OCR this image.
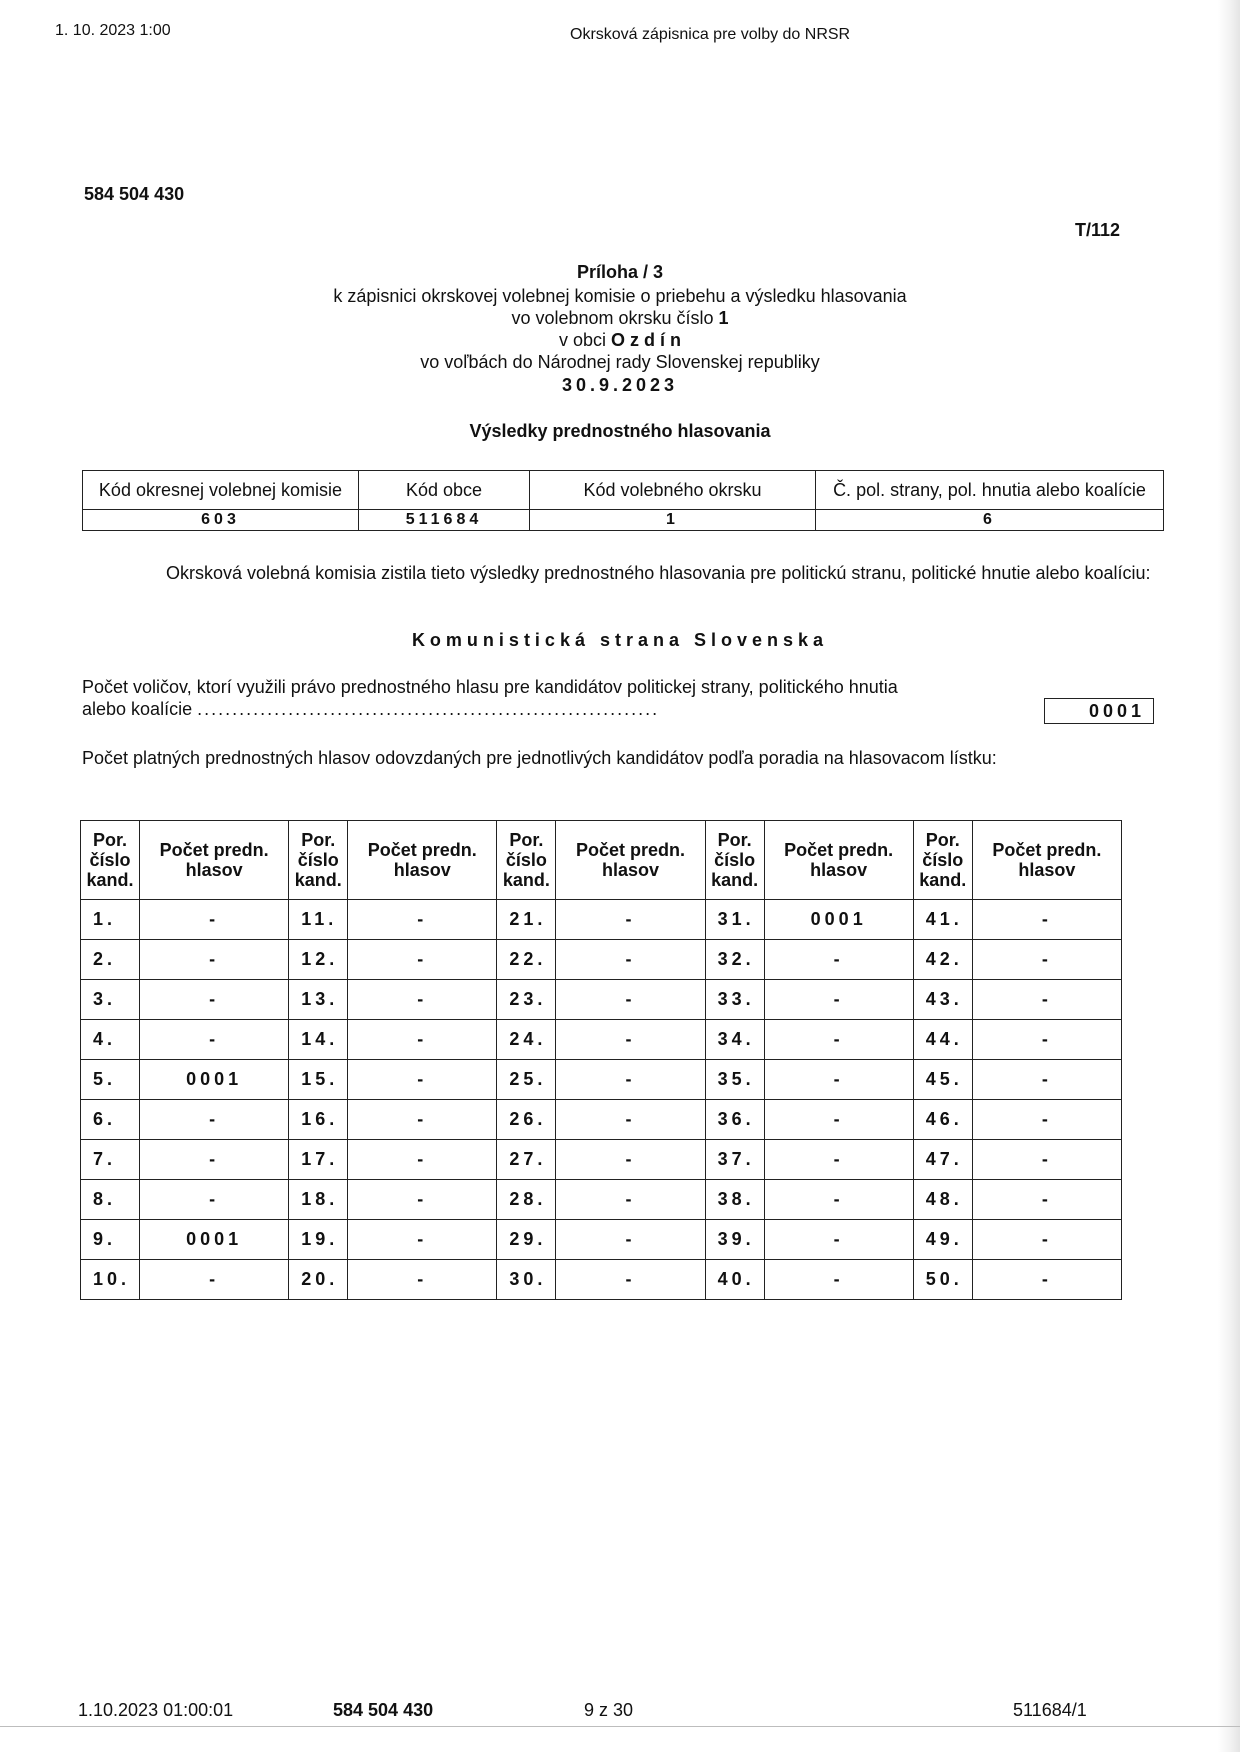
1. 10. 2023 1:00	Okrsková zápisnica pre volby do NRSR
584 504 430
T/112
Príloha / 3
k zápisnici okrskovej volebnej komisie o priebehu a výsledku hlasovania
vo volebnom okrsku číslo 1
v obci O z d í n
vo voľbách do Národnej rady Slovenskej republiky
30.9.2023
Výsledky prednostného hlasovania
Kód okresnej volebnej komisie	Kód obce	Kód volebného okrsku	Č. pol. strany, pol. hnutia alebo koalície
603	511684	1	6
Okrsková volebná komisia zistila tieto výsledky prednostného hlasovania pre politickú stranu, politické hnutie alebo koalíciu:
Komunistická strana Slovenska
Počet voličov, ktorí využili právo prednostného hlasu pre kandidátov politickej strany, politického hnutia
alebo koalície ..................................................................	0001
Počet platných prednostných hlasov odovzdaných pre jednotlivých kandidátov podľa poradia na hlasovacom lístku:
Por. číslo kand.	Počet predn. hlasov	Por. číslo kand.	Počet predn. hlasov	Por. číslo kand.	Počet predn. hlasov	Por. číslo kand.	Počet predn. hlasov	Por. číslo kand.	Počet predn. hlasov
1.	-	11.	-	21.	-	31.	0001	41.	-
2.	-	12.	-	22.	-	32.	-	42.	-
3.	-	13.	-	23.	-	33.	-	43.	-
4.	-	14.	-	24.	-	34.	-	44.	-
5.	0001	15.	-	25.	-	35.	-	45.	-
6.	-	16.	-	26.	-	36.	-	46.	-
7.	-	17.	-	27.	-	37.	-	47.	-
8.	-	18.	-	28.	-	38.	-	48.	-
9.	0001	19.	-	29.	-	39.	-	49.	-
10.	-	20.	-	30.	-	40.	-	50.	-
1.10.2023 01:00:01	584 504 430	9 z 30	511684/1
